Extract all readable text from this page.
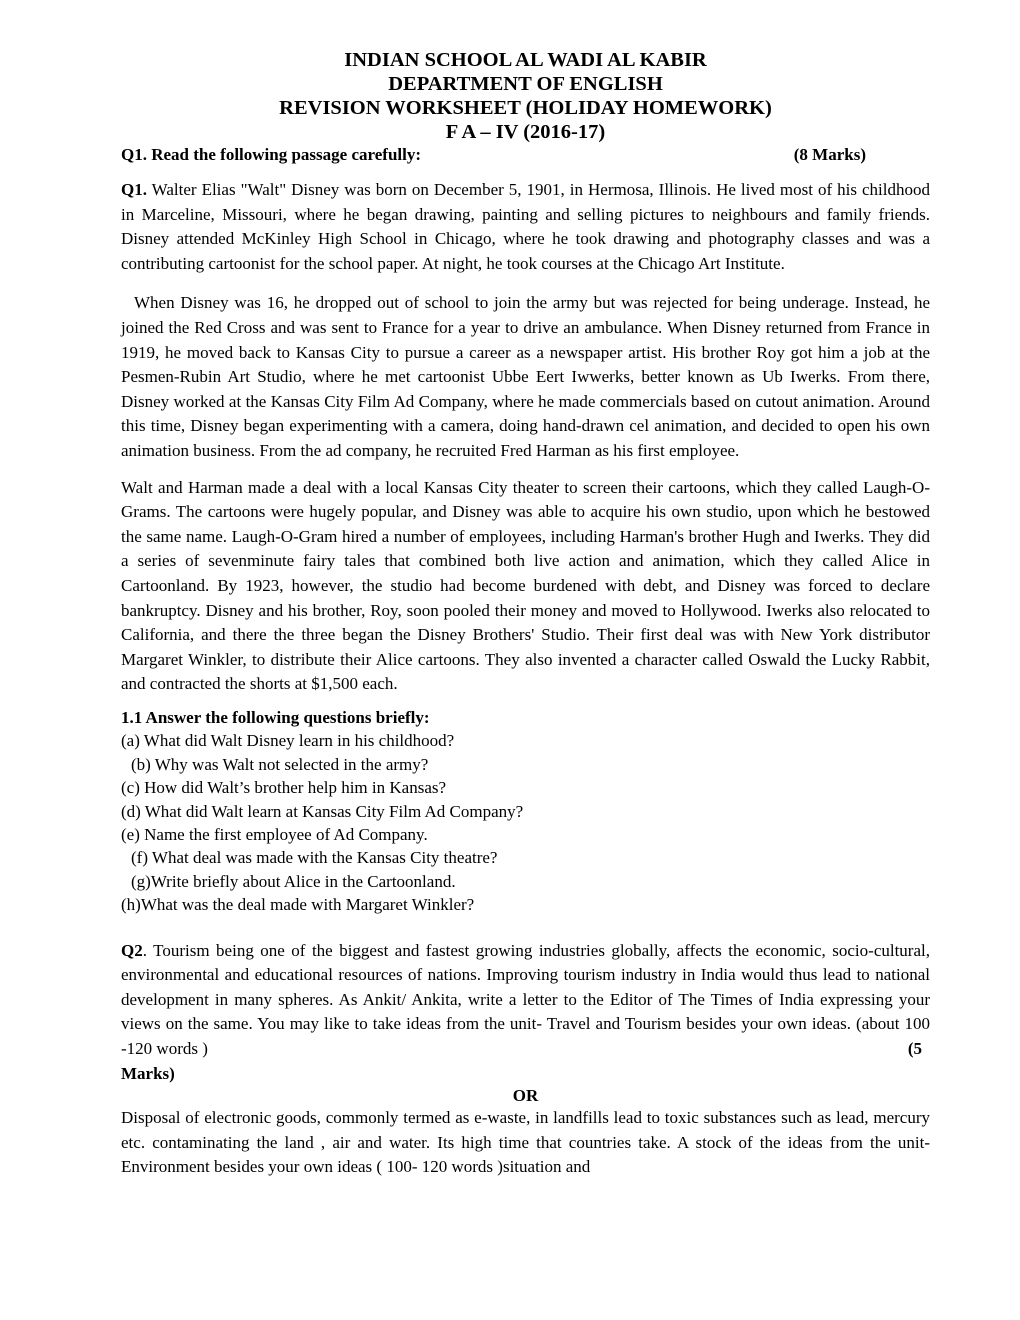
INDIAN SCHOOL AL WADI AL KABIR
DEPARTMENT OF ENGLISH
REVISION WORKSHEET (HOLIDAY HOMEWORK)
F A – IV (2016-17)
Q1. Read the following passage carefully:	(8 Marks)

Q1. Walter Elias "Walt" Disney was born on December 5, 1901, in Hermosa, Illinois. He lived most of his childhood in Marceline, Missouri, where he began drawing, painting and selling pictures to neighbours and family friends. Disney attended McKinley High School in Chicago, where he took drawing and photography classes and was a contributing cartoonist for the school paper. At night, he took courses at the Chicago Art Institute.

When Disney was 16, he dropped out of school to join the army but was rejected for being underage. Instead, he joined the Red Cross and was sent to France for a year to drive an ambulance. When Disney returned from France in 1919, he moved back to Kansas City to pursue a career as a newspaper artist. His brother Roy got him a job at the Pesmen-Rubin Art Studio, where he met cartoonist Ubbe Eert Iwwerks, better known as Ub Iwerks. From there, Disney worked at the Kansas City Film Ad Company, where he made commercials based on cutout animation. Around this time, Disney began experimenting with a camera, doing hand-drawn cel animation, and decided to open his own animation business. From the ad company, he recruited Fred Harman as his first employee.

Walt and Harman made a deal with a local Kansas City theater to screen their cartoons, which they called Laugh-O-Grams. The cartoons were hugely popular, and Disney was able to acquire his own studio, upon which he bestowed the same name. Laugh-O-Gram hired a number of employees, including Harman's brother Hugh and Iwerks. They did a series of sevenminute fairy tales that combined both live action and animation, which they called Alice in Cartoonland. By 1923, however, the studio had become burdened with debt, and Disney was forced to declare bankruptcy. Disney and his brother, Roy, soon pooled their money and moved to Hollywood. Iwerks also relocated to California, and there the three began the Disney Brothers' Studio. Their first deal was with New York distributor Margaret Winkler, to distribute their Alice cartoons. They also invented a character called Oswald the Lucky Rabbit, and contracted the shorts at $1,500 each.

1.1 Answer the following questions briefly:
(a) What did Walt Disney learn in his childhood?
(b) Why was Walt not selected in the army?
(c) How did Walt’s brother help him in Kansas?
(d) What did Walt learn at Kansas City Film Ad Company?
(e) Name the first employee of Ad Company.
(f) What deal was made with the Kansas City theatre?
(g)Write briefly about Alice in the Cartoonland.
(h)What was the deal made with Margaret Winkler?

Q2. Tourism being one of the biggest and fastest growing industries globally, affects the economic, socio-cultural, environmental and educational resources of nations. Improving tourism industry in India would thus lead to national development in many spheres. As Ankit/ Ankita, write a letter to the Editor of The Times of India expressing your views on the same. You may like to take ideas from the unit- Travel and Tourism besides your own ideas. (about 100 -120 words )	(5

Marks)
OR

Disposal of electronic goods, commonly termed as e-waste, in landfills lead to toxic substances such as lead, mercury etc. contaminating the land , air and water. Its high time that countries take. A stock of the ideas from the unit- Environment besides your own ideas ( 100- 120 words )situation and
